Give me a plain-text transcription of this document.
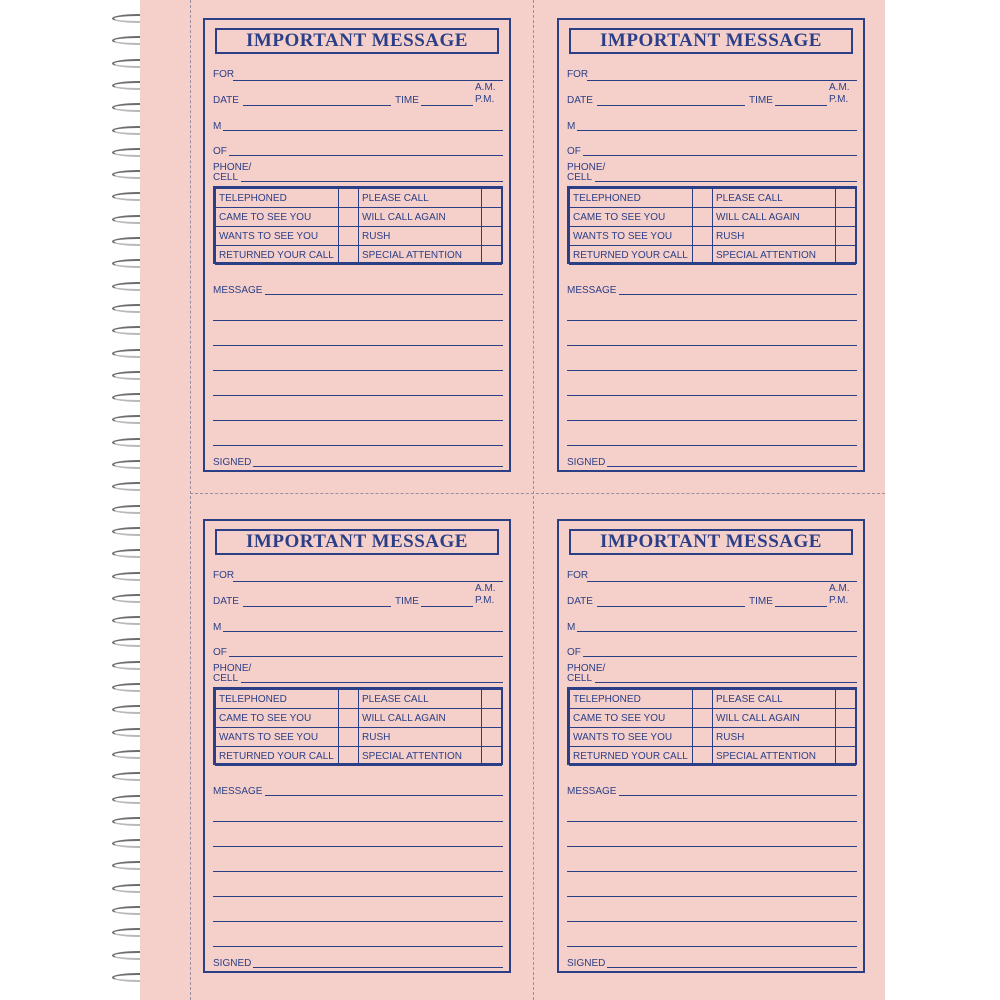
IMPORTANT MESSAGE
FOR
A.M.
DATE	TIME	P.M.
M
OF
PHONE/
CELL
TELEPHONED		PLEASE CALL	
CAME TO SEE YOU		WILL CALL AGAIN	
WANTS TO SEE YOU		RUSH	
RETURNED YOUR CALL		SPECIAL ATTENTION	
MESSAGE
SIGNED
IMPORTANT MESSAGE
FOR
A.M.
DATE	TIME	P.M.
M
OF
PHONE/
CELL
TELEPHONED		PLEASE CALL	
CAME TO SEE YOU		WILL CALL AGAIN	
WANTS TO SEE YOU		RUSH	
RETURNED YOUR CALL		SPECIAL ATTENTION	
MESSAGE
SIGNED
IMPORTANT MESSAGE
FOR
A.M.
DATE	TIME	P.M.
M
OF
PHONE/
CELL
TELEPHONED		PLEASE CALL	
CAME TO SEE YOU		WILL CALL AGAIN	
WANTS TO SEE YOU		RUSH	
RETURNED YOUR CALL		SPECIAL ATTENTION	
MESSAGE
SIGNED
IMPORTANT MESSAGE
FOR
A.M.
DATE	TIME	P.M.
M
OF
PHONE/
CELL
TELEPHONED		PLEASE CALL	
CAME TO SEE YOU		WILL CALL AGAIN	
WANTS TO SEE YOU		RUSH	
RETURNED YOUR CALL		SPECIAL ATTENTION	
MESSAGE
SIGNED
